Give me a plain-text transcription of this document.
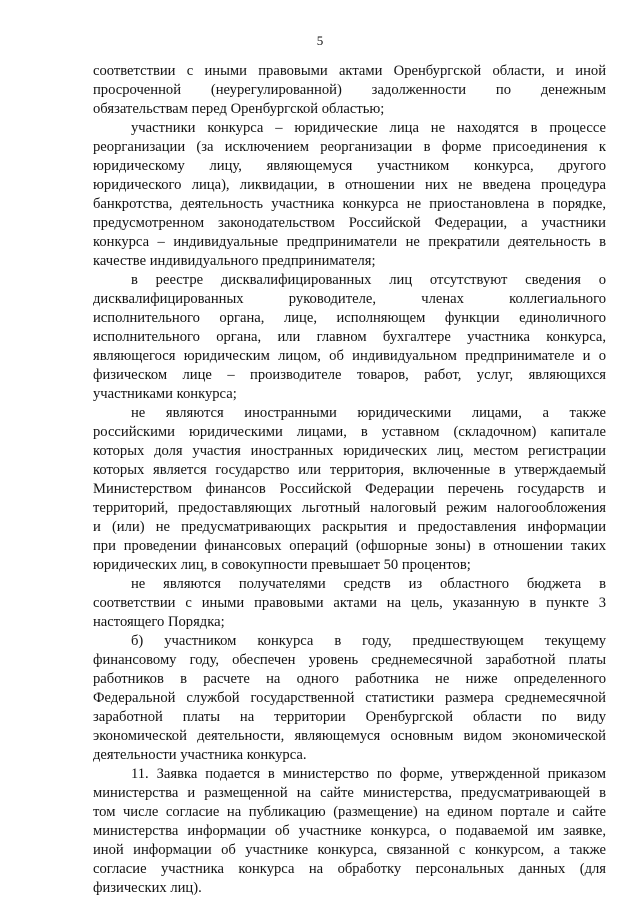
5

соответствии с иными правовыми актами Оренбургской области, и иной
просроченной (неурегулированной) задолженности по денежным
обязательствам перед Оренбургской областью;

участники конкурса – юридические лица не находятся в процессе
реорганизации (за исключением реорганизации в форме присоединения к
юридическому лицу, являющемуся участником конкурса, другого
юридического лица), ликвидации, в отношении них не введена процедура
банкротства, деятельность участника конкурса не приостановлена в порядке,
предусмотренном законодательством Российской Федерации, а участники
конкурса – индивидуальные предприниматели не прекратили деятельность в
качестве индивидуального предпринимателя;

в реестре дисквалифицированных лиц отсутствуют сведения о
дисквалифицированных руководителе, членах коллегиального
исполнительного органа, лице, исполняющем функции единоличного
исполнительного органа, или главном бухгалтере участника конкурса,
являющегося юридическим лицом, об индивидуальном предпринимателе и о
физическом лице – производителе товаров, работ, услуг, являющихся
участниками конкурса;

не являются иностранными юридическими лицами, а также
российскими юридическими лицами, в уставном (складочном) капитале
которых доля участия иностранных юридических лиц, местом регистрации
которых является государство или территория, включенные в утверждаемый
Министерством финансов Российской Федерации перечень государств и
территорий, предоставляющих льготный налоговый режим налогообложения
и (или) не предусматривающих раскрытия и предоставления информации
при проведении финансовых операций (офшорные зоны) в отношении таких
юридических лиц, в совокупности превышает 50 процентов;

не являются получателями средств из областного бюджета в
соответствии с иными правовыми актами на цель, указанную в пункте 3
настоящего Порядка;

б) участником конкурса в году, предшествующем текущему
финансовому году, обеспечен уровень среднемесячной заработной платы
работников в расчете на одного работника не ниже определенного
Федеральной службой государственной статистики размера среднемесячной
заработной платы на территории Оренбургской области по виду
экономической деятельности, являющемуся основным видом экономической
деятельности участника конкурса.

11. Заявка подается в министерство по форме, утвержденной приказом
министерства и размещенной на сайте министерства, предусматривающей в
том числе согласие на публикацию (размещение) на едином портале и сайте
министерства информации об участнике конкурса, о подаваемой им заявке,
иной информации об участнике конкурса, связанной с конкурсом, а также
согласие участника конкурса на обработку персональных данных (для
физических лиц).
